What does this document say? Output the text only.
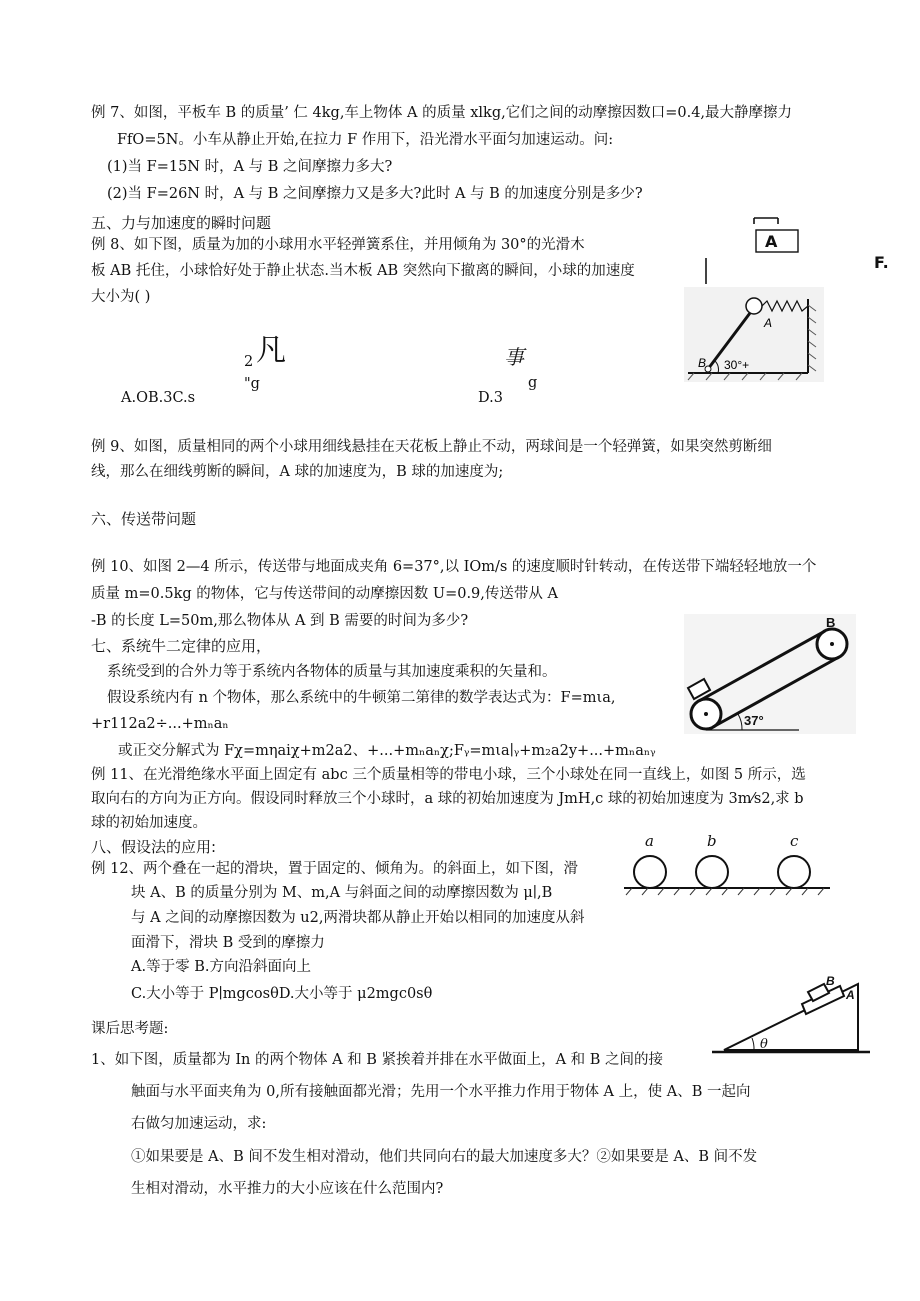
例 7、如图，平板车 B 的质量’ 仁 4kg,车上物体 A 的质量 xlkg,它们之间的动摩擦因数口=0.4,最大静摩擦力
FfO=5N。小车从静止开始,在拉力 F 作用下，沿光滑水平面匀加速运动。问:
(1)当 F=15N 时，A 与 B 之间摩擦力多大?
(2)当 F=26N 时，A 与 B 之间摩擦力又是多大?此时 A 与 B 的加速度分别是多少?
五、力与加速度的瞬时问题
例 8、如下图，质量为加的小球用水平轻弹簧系住，并用倾角为 30°的光滑木
板 AB 托住，小球恰好处于静止状态.当木板 AB 突然向下撤离的瞬间，小球的加速度
大小为( )
2 凡
"g
事
g
A.OB.3C.s	D.3
A
F.
B
A
30°+
例 9、如图，质量相同的两个小球用细线悬挂在天花板上静止不动，两球间是一个轻弹簧，如果突然剪断细
线，那么在细线剪断的瞬间，A 球的加速度为，B 球的加速度为;
六、传送带问题
例 10、如图 2—4 所示，传送带与地面成夹角 6=37°,以 IOm/s 的速度顺时针转动，在传送带下端轻轻地放一个
质量 m=0.5kg 的物体，它与传送带间的动摩擦因数 U=0.9,传送带从 A
-B 的长度 L=50m,那么物体从 A 到 B 需要的时间为多少?	B
37°
七、系统牛二定律的应用，
系统受到的合外力等于系统内各物体的质量与其加速度乘积的矢量和。
假设系统内有 n 个物体，那么系统中的牛顿第二第律的数学表达式为：F=mιa,
+r112a2÷...+mₙaₙ
或正交分解式为 Fχ=mηaiχ+m2a2、+...+mₙaₙχ;Fᵧ=mιa∣ᵧ+m₂a2y+...+mₙaₙᵧ
例 11、在光滑绝缘水平面上固定有 abc 三个质量相等的带电小球，三个小球处在同一直线上，如图 5 所示，选
取向右的方向为正方向。假设同时释放三个小球时，a 球的初始加速度为 JmH,c 球的初始加速度为 3m⁄s2,求 b
球的初始加速度。
a	b	c
八、假设法的应用:
例 12、两个叠在一起的滑块，置于固定的、倾角为。的斜面上，如下图，滑
块 A、B 的质量分别为 M、m,A 与斜面之间的动摩擦因数为 μ∣,B
与 A 之间的动摩擦因数为 u2,两滑块都从静止开始以相同的加速度从斜
面滑下，滑块 B 受到的摩擦力
A.等于零 B.方向沿斜面向上
C.大小等于 P∣mgcosθD.大小等于 μ2mgc0sθ
B
A
θ
课后思考题:
1、如下图，质量都为 In 的两个物体 A 和 B 紧挨着并排在水平做面上，A 和 B 之间的接
触面与水平面夹角为 0,所有接触面都光滑；先用一个水平推力作用于物体 A 上，使 A、B 一起向
右做匀加速运动，求:
①如果要是 A、B 间不发生相对滑动，他们共同向右的最大加速度多大？②如果要是 A、B 间不发
生相对滑动，水平推力的大小应该在什么范围内?
